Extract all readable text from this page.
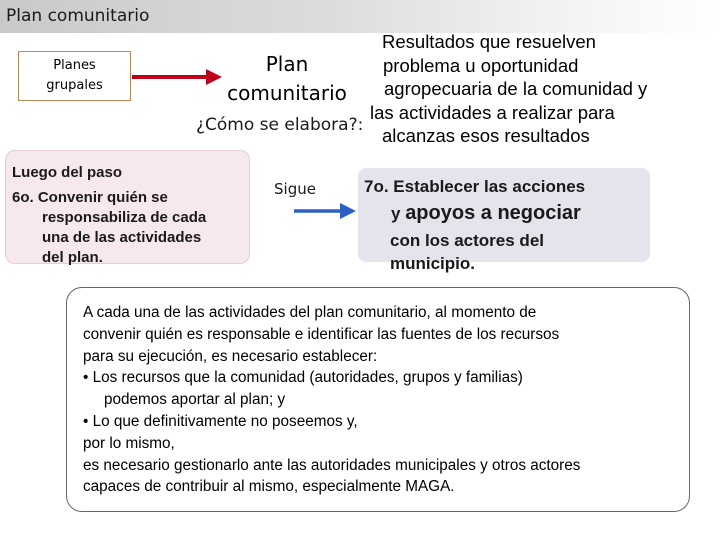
Plan comunitario
Planes
grupales
Plan
comunitario
¿Cómo se elabora?:
Resultados que resuelven
problema u oportunidad
agropecuaria de la comunidad y
las actividades a realizar para
alcanzas esos resultados
Luego del paso
6o. Convenir quién se
responsabiliza de cada
una de las actividades
del plan.
Sigue	7o. Establecer las acciones
y apoyos a negociar
con los actores del
municipio.

A cada una de las actividades del plan comunitario, al momento de

convenir quién es responsable e identificar las fuentes de los recursos

para su ejecución, es necesario establecer:

• Los recursos que la comunidad (autoridades, grupos y familias)

podemos aportar al plan; y

• Lo que definitivamente no poseemos y,

por lo mismo,

es necesario gestionarlo ante las autoridades municipales y otros actores

capaces de contribuir al mismo, especialmente MAGA.
